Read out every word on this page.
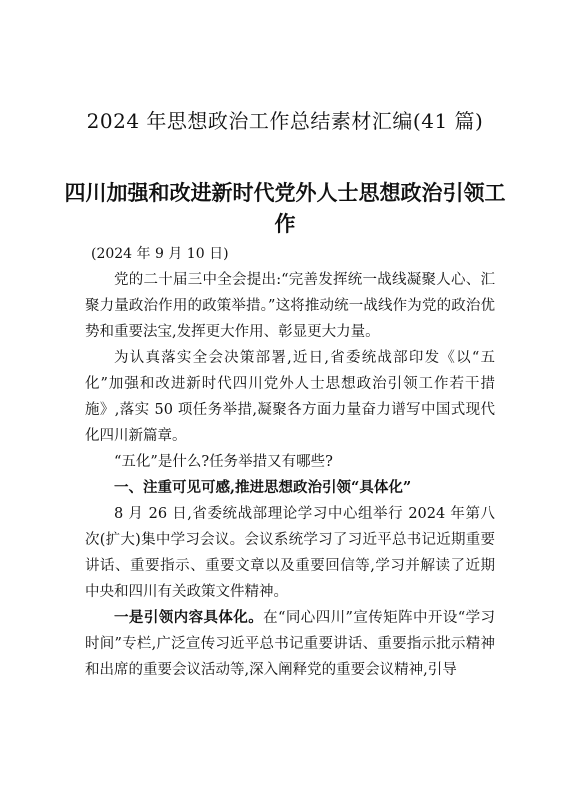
2024 年思想政治工作总结素材汇编(41 篇)
四川加强和改进新时代党外人士思想政治引领工作

(2024 年 9 月 10 日)

党的二十届三中全会提出:“完善发挥统一战线凝聚人心、汇聚力量政治作用的政策举措。”这将推动统一战线作为党的政治优势和重要法宝,发挥更大作用、彰显更大力量。

为认真落实全会决策部署,近日,省委统战部印发《以“五化”加强和改进新时代四川党外人士思想政治引领工作若干措施》,落实 50 项任务举措,凝聚各方面力量奋力谱写中国式现代化四川新篇章。

“五化”是什么?任务举措又有哪些?

一、注重可见可感,推进思想政治引领“具体化”

8 月 26 日,省委统战部理论学习中心组举行 2024 年第八次(扩大)集中学习会议。会议系统学习了习近平总书记近期重要讲话、重要指示、重要文章以及重要回信等,学习并解读了近期中央和四川有关政策文件精神。

一是引领内容具体化。在“同心四川”宣传矩阵中开设“学习时间”专栏,广泛宣传习近平总书记重要讲话、重要指示批示精神和出席的重要会议活动等,深入阐释党的重要会议精神,引导
